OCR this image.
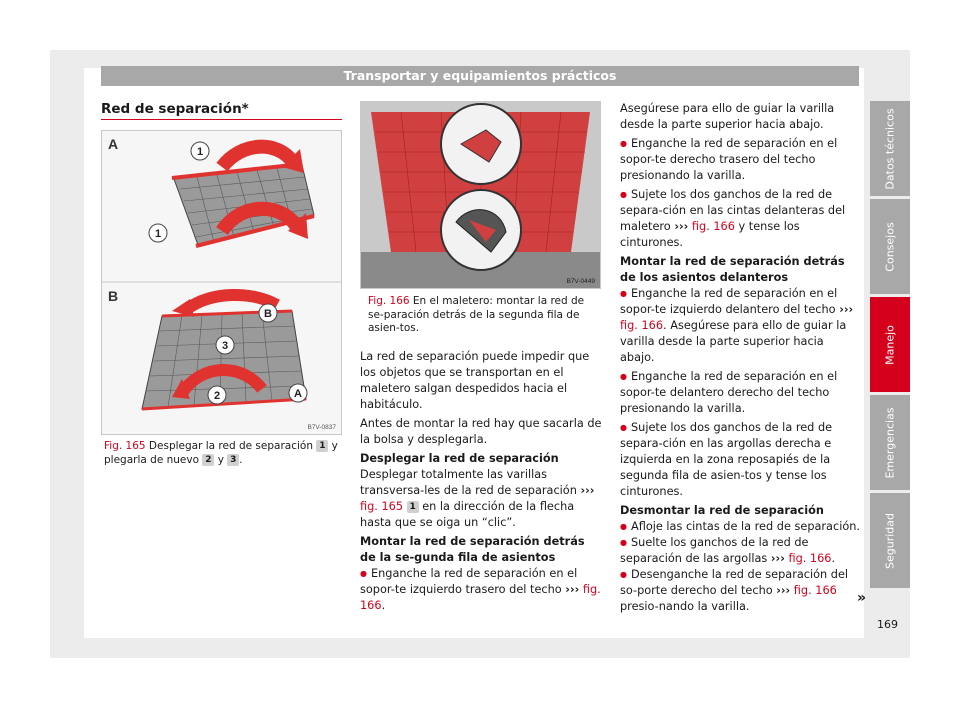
Transportar y equipamientos prácticos
Red de separación*
A	1
1
B
B
3
2	A
B7V-0837
Fig. 165 Desplegar la red de separación 1 y plegarla de nuevo 2 y 3 .
B7V-0449
Fig. 166 En el maletero: montar la red de se-paración detrás de la segunda fila de asien-tos.

La red de separación puede impedir que los objetos que se transportan en el maletero salgan despedidos hacia el habitáculo.

Antes de montar la red hay que sacarla de la bolsa y desplegarla.

Desplegar la red de separación

Desplegar totalmente las varillas transversa-les de la red de separación ››› fig. 165 1 en la dirección de la flecha hasta que se oiga un “clic”.

Montar la red de separación detrás de la se-gunda fila de asientos

● Enganche la red de separación en el sopor-te izquierdo trasero del techo ››› fig. 166.

Asegúrese para ello de guiar la varilla desde la parte superior hacia abajo.

● Enganche la red de separación en el sopor-te derecho trasero del techo presionando la varilla.

● Sujete los dos ganchos de la red de separa-ción en las cintas delanteras del maletero ››› fig. 166 y tense los cinturones.

Montar la red de separación detrás de los asientos delanteros

● Enganche la red de separación en el sopor-te izquierdo delantero del techo ››› fig. 166. Asegúrese para ello de guiar la varilla desde la parte superior hacia abajo.

● Enganche la red de separación en el sopor-te delantero derecho del techo presionando la varilla.

● Sujete los dos ganchos de la red de separa-ción en las argollas derecha e izquierda en la zona reposapiés de la segunda fila de asien-tos y tense los cinturones.

Desmontar la red de separación

● Afloje las cintas de la red de separación.

● Suelte los ganchos de la red de separación de las argollas ››› fig. 166.

● Desenganche la red de separación del so-porte derecho del techo ››› fig. 166 presio-nando la varilla.

»
Datos técnicos
Consejos
Manejo
Emergencias
Seguridad
169
